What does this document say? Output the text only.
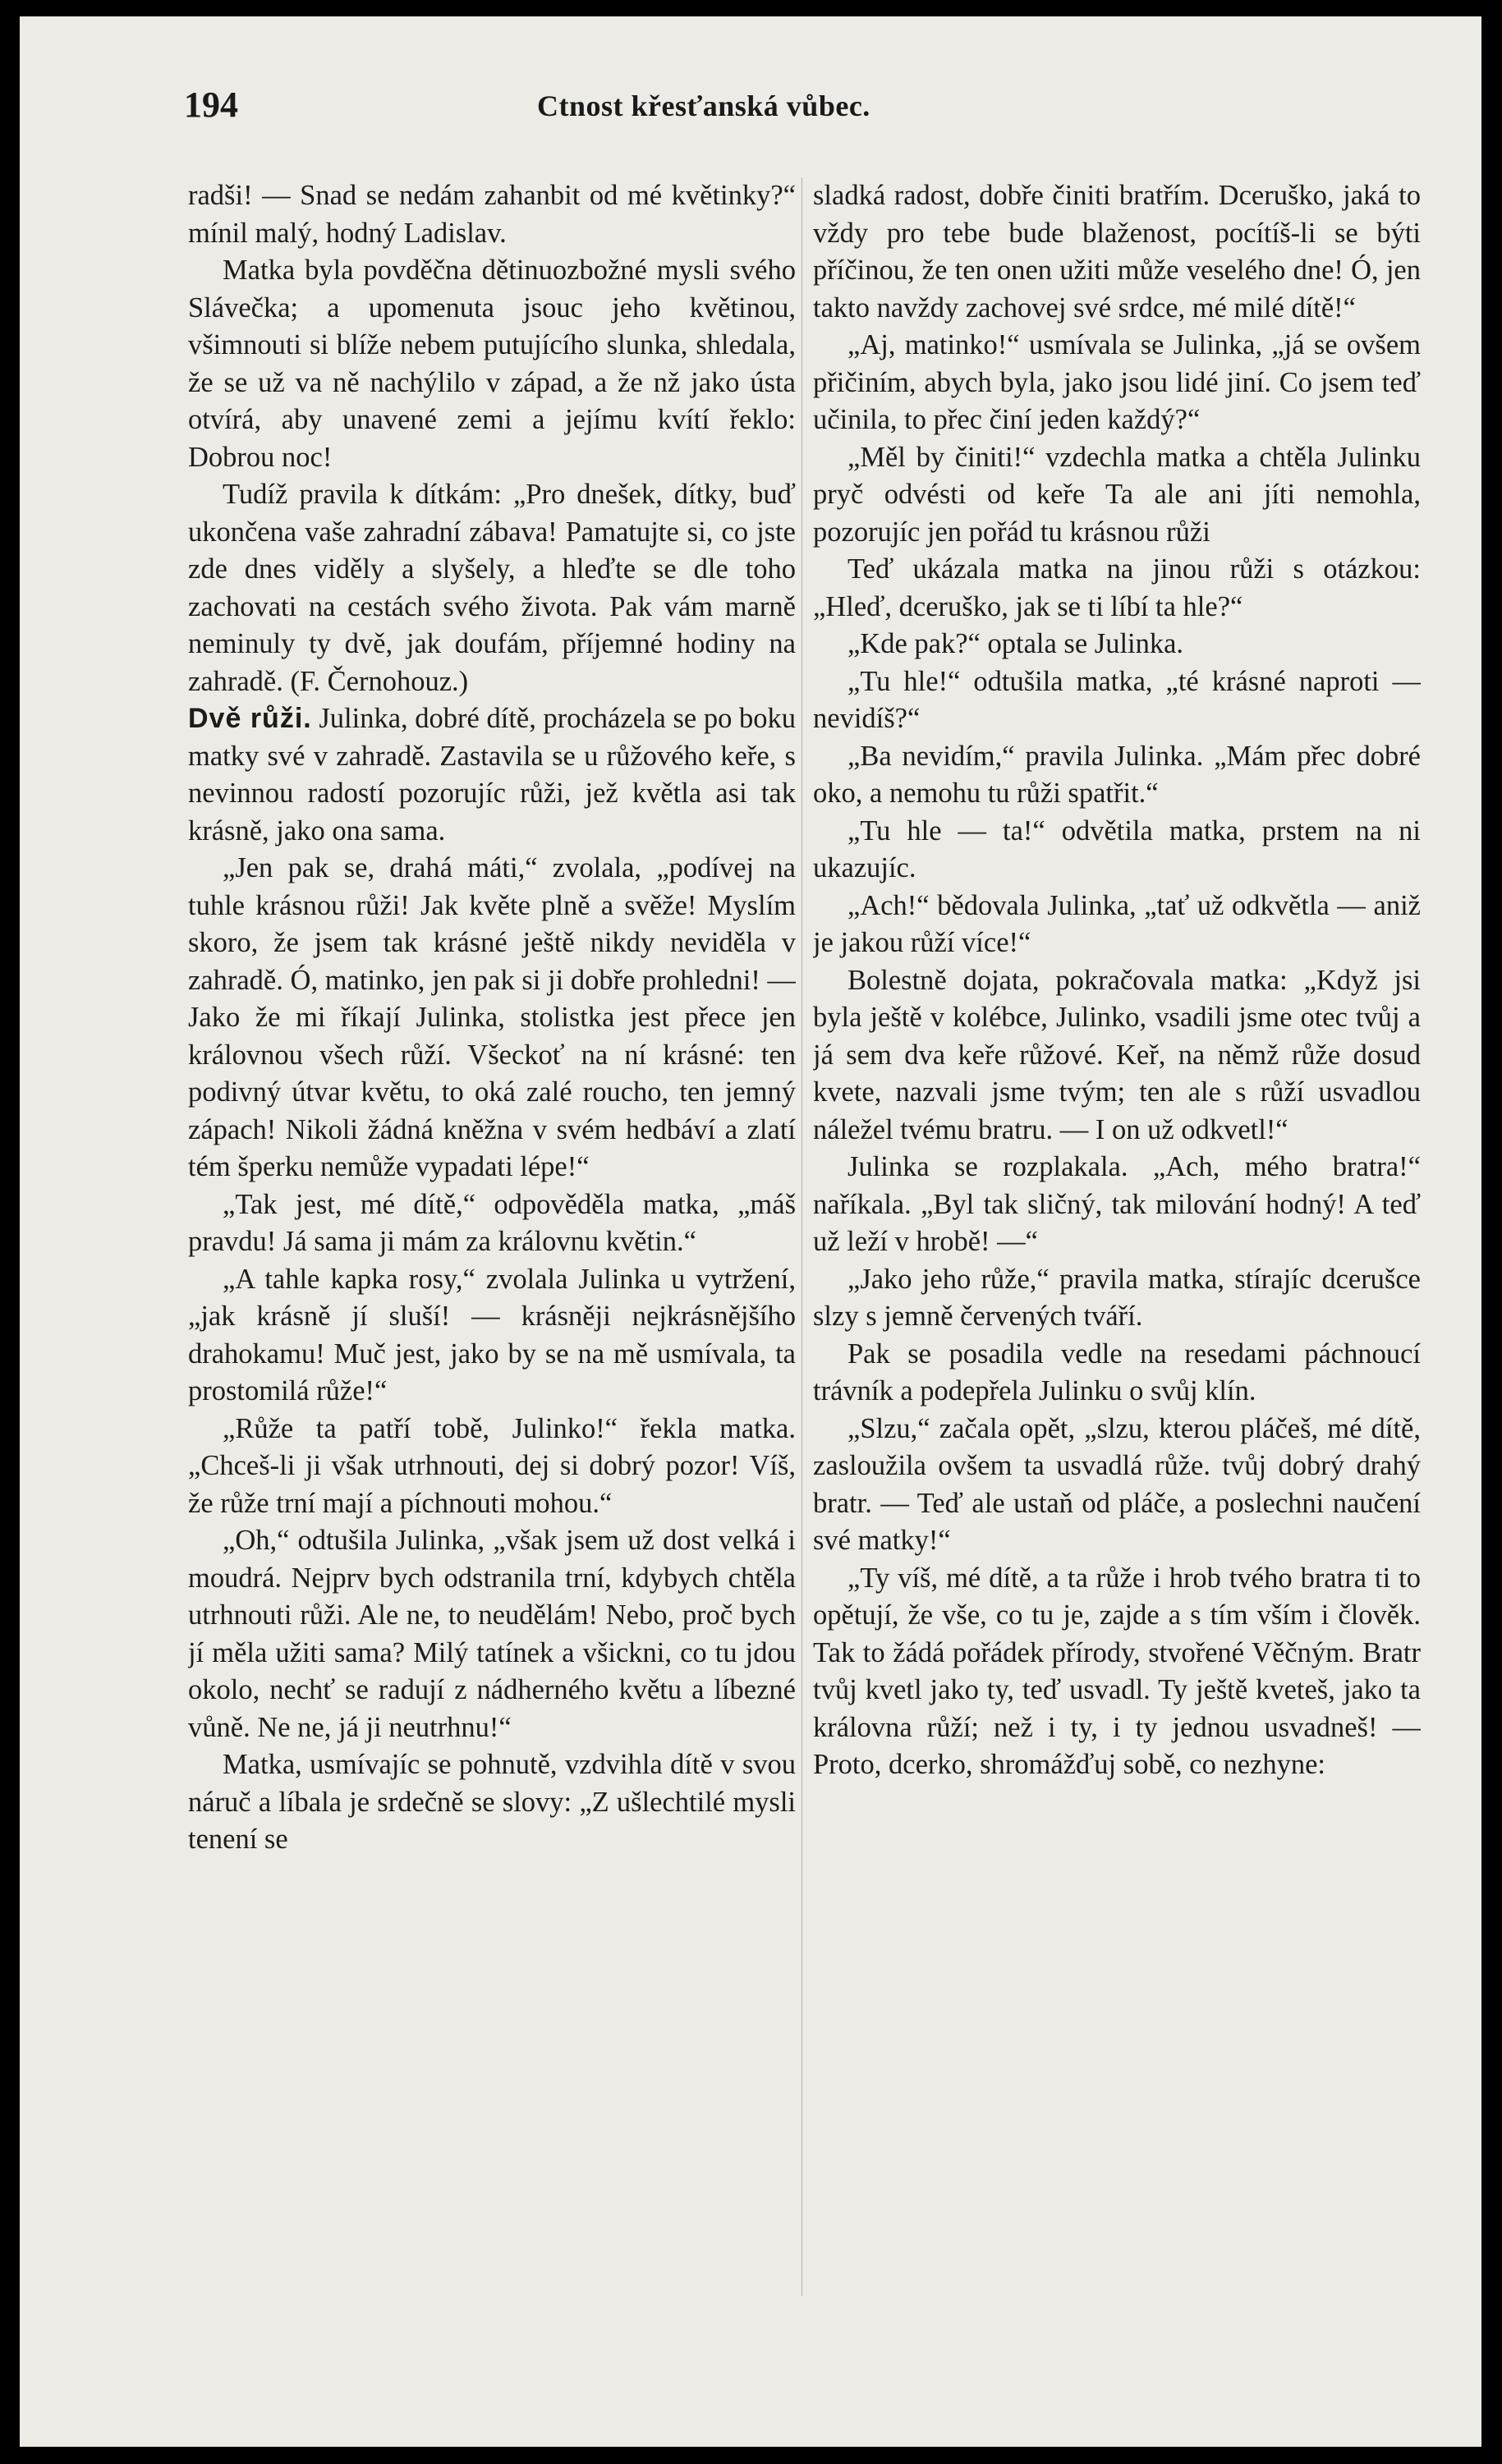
194	Ctnost křesťanská vůbec.

radši! — Snad se nedám zahanbit od mé květinky?“ mínil malý, hodný Ladislav.

Matka byla povděčna dětinuozbožné mysli svého Slávečka; a upomenuta jsouc jeho květinou, všimnouti si blíže nebem putujícího slunka, shledala, že se už va ně nachýlilo v západ, a že nž jako ústa otvírá, aby unavené zemi a jejímu kvítí řeklo: Dobrou noc!

Tudíž pravila k dítkám: „Pro dnešek, dítky, buď ukončena vaše zahradní zábava! Pamatujte si, co jste zde dnes viděly a slyšely, a hleďte se dle toho zachovati na cestách svého života. Pak vám marně neminuly ty dvě, jak doufám, příjemné hodiny na zahradě. (F. Černohouz.)

Dvě růži. Julinka, dobré dítě, procházela se po boku matky své v zahradě. Zastavila se u růžového keře, s nevinnou radostí pozorujíc růži, jež květla asi tak krásně, jako ona sama.

„Jen pak se, drahá máti,“ zvolala, „podívej na tuhle krásnou růži! Jak květe plně a svěže! Myslím skoro, že jsem tak krásné ještě nikdy neviděla v zahradě. Ó, matinko, jen pak si ji dobře prohledni! — Jako že mi říkají Julinka, stolistka jest přece jen královnou všech růží. Všeckoť na ní krásné: ten podivný útvar květu, to oká zalé roucho, ten jemný zápach! Nikoli žádná kněžna v svém hedbáví a zlatí tém šperku nemůže vypadati lépe!“

„Tak jest, mé dítě,“ odpověděla matka, „máš pravdu! Já sama ji mám za královnu květin.“

„A tahle kapka rosy,“ zvolala Julinka u vytržení, „jak krásně jí sluší! — krásněji nejkrásnějšího drahokamu! Muč jest, jako by se na mě usmívala, ta prostomilá růže!“

„Růže ta patří tobě, Julinko!“ řekla matka. „Chceš-li ji však utrhnouti, dej si dobrý pozor! Víš, že růže trní mají a píchnouti mohou.“

„Oh,“ odtušila Julinka, „však jsem už dost velká i moudrá. Nejprv bych odstranila trní, kdybych chtěla utrhnouti růži. Ale ne, to neudělám! Nebo, proč bych jí měla užiti sama? Milý tatínek a všickni, co tu jdou okolo, nechť se radují z nádherného květu a líbezné vůně. Ne ne, já ji neutrhnu!“

Matka, usmívajíc se pohnutě, vzdvihla dítě v svou náruč a líbala je srdečně se slovy: „Z ušlechtilé mysli tenení se

sladká radost, dobře činiti bratřím. Dceruško, jaká to vždy pro tebe bude blaženost, pocítíš-li se býti příčinou, že ten onen užiti může veselého dne! Ó, jen takto navždy zachovej své srdce, mé milé dítě!“

„Aj, matinko!“ usmívala se Julinka, „já se ovšem přičiním, abych byla, jako jsou lidé jiní. Co jsem teď učinila, to přec činí jeden každý?“

„Měl by činiti!“ vzdechla matka a chtěla Julinku pryč odvésti od keře Ta ale ani jíti nemohla, pozorujíc jen pořád tu krásnou růži

Teď ukázala matka na jinou růži s otázkou: „Hleď, dceruško, jak se ti líbí ta hle?“

„Kde pak?“ optala se Julinka.

„Tu hle!“ odtušila matka, „té krásné naproti — nevidíš?“

„Ba nevidím,“ pravila Julinka. „Mám přec dobré oko, a nemohu tu růži spatřit.“

„Tu hle — ta!“ odvětila matka, prstem na ni ukazujíc.

„Ach!“ bědovala Julinka, „tať už odkvětla — aniž je jakou růží více!“

Bolestně dojata, pokračovala matka: „Když jsi byla ještě v kolébce, Julinko, vsadili jsme otec tvůj a já sem dva keře růžové. Keř, na němž růže dosud kvete, nazvali jsme tvým; ten ale s růží usvadlou náležel tvému bratru. — I on už odkvetl!“

Julinka se rozplakala. „Ach, mého bratra!“ naříkala. „Byl tak sličný, tak milování hodný! A teď už leží v hrobě! —“

„Jako jeho růže,“ pravila matka, stírajíc dcerušce slzy s jemně červených tváří.

Pak se posadila vedle na resedami páchnoucí trávník a podepřela Julinku o svůj klín.

„Slzu,“ začala opět, „slzu, kterou pláčeš, mé dítě, zasloužila ovšem ta usvadlá růže. tvůj dobrý drahý bratr. — Teď ale ustaň od pláče, a poslechni naučení své matky!“

„Ty víš, mé dítě, a ta růže i hrob tvého bratra ti to opětují, že vše, co tu je, zajde a s tím vším i člověk. Tak to žádá pořádek přírody, stvořené Věčným. Bratr tvůj kvetl jako ty, teď usvadl. Ty ještě kveteš, jako ta královna růží; než i ty, i ty jednou usvadneš! — Proto, dcerko, shromážďuj sobě, co nezhyne:
